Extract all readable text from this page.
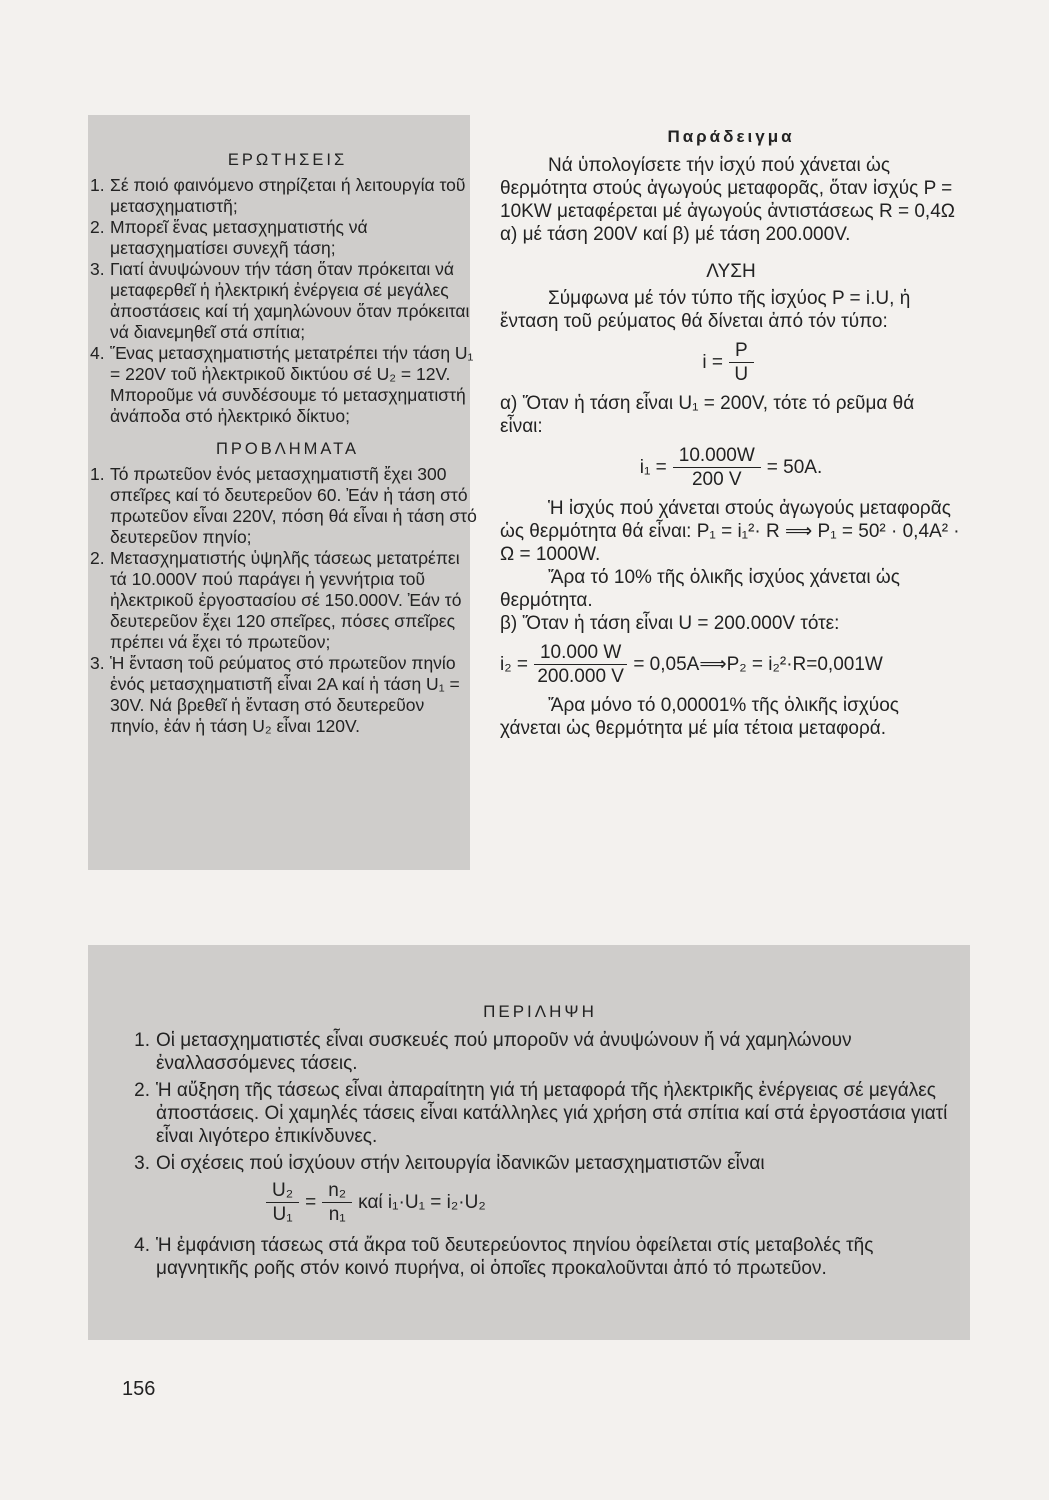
ΕΡΩΤΗΣΕΙΣ
1. Σέ ποιό φαινόμενο στηρίζεται ή λειτουργία τοῦ μετασχηματιστῆ;
2. Μπορεῖ ἕνας μετασχηματιστής νά μετασχηματίσει συνεχῆ τάση;
3. Γιατί ἀνυψώνουν τήν τάση ὅταν πρόκειται νά μεταφερθεῖ ἡ ἠλεκτρική ἐνέργεια σέ μεγάλες ἀποστάσεις καί τή χαμηλώνουν ὅταν πρόκειται νά διανεμηθεῖ στά σπίτια;
4. Ἕνας μετασχηματιστής μετατρέπει τήν τάση U₁ = 220V τοῦ ἠλεκτρικοῦ δικτύου σέ U₂ = 12V. Μποροῦμε νά συνδέσουμε τό μετασχηματιστή ἀνάποδα στό ἠλεκτρικό δίκτυο;
ΠΡΟΒΛΗΜΑΤΑ
1. Τό πρωτεῦον ἑνός μετασχηματιστῆ ἔχει 300 σπεῖρες καί τό δευτερεῦον 60. Ἐάν ἡ τάση στό πρωτεῦον εἶναι 220V, πόση θά εἶναι ἡ τάση στό δευτερεῦον πηνίο;
2. Μετασχηματιστής ὑψηλῆς τάσεως μετατρέπει τά 10.000V πού παράγει ἡ γεννήτρια τοῦ ἠλεκτρικοῦ ἐργοστασίου σέ 150.000V. Ἐάν τό δευτερεῦον ἔχει 120 σπεῖρες, πόσες σπεῖρες πρέπει νά ἔχει τό πρωτεῦον;
3. Ἡ ἔνταση τοῦ ρεύματος στό πρωτεῦον πηνίο ἑνός μετασχηματιστῆ εἶναι 2Α καί ἡ τάση U₁ = 30V. Νά βρεθεῖ ἡ ἔνταση στό δευτερεῦον πηνίο, ἐάν ἡ τάση U₂ εἶναι 120V.
Παράδειγμα

Νά ὑπολογίσετε τήν ἰσχύ πού χάνεται ὡς θερμότητα στούς ἀγωγούς μεταφορᾶς, ὅταν ἰσχύς P = 10KW μεταφέρεται μέ ἀγωγούς ἀντιστάσεως R = 0,4Ω α) μέ τάση 200V καί β) μέ τάση 200.000V.

ΛΥΣΗ

Σύμφωνα μέ τόν τύπο τῆς ἰσχύος P = i.U, ἡ ἔνταση τοῦ ρεύματος θά δίνεται ἀπό τόν τύπο:

$i = \frac{P}{U}$

α) Ὅταν ἡ τάση εἶναι U₁ = 200V, τότε τό ρεῦμα θά εἶναι:

$i_1 = \frac{10.000W}{200 V} = 50A$.

Ἡ ἰσχύς πού χάνεται στούς ἀγωγούς μεταφορᾶς ὡς θερμότητα θά εἶναι: P₁ = i₁²· R ⟹ P₁ = 50² · 0,4A² · Ω = 1000W.

Ἄρα τό 10% τῆς ὁλικῆς ἰσχύος χάνεται ὡς θερμότητα.

β) Ὅταν ἡ τάση εἶναι U = 200.000V τότε:

$i_2 = \frac{10.000 W}{200.000 V}$ = 0,05A⟹P₂ = i₂²·R=0,001W

Ἄρα μόνο τό 0,00001% τῆς ὁλικῆς ἰσχύος χάνεται ὡς θερμότητα μέ μία τέτοια μεταφορά.

ΠΕΡΙΛΗΨΗ
1. Οἱ μετασχηματιστές εἶναι συσκευές πού μποροῦν νά ἀνυψώνουν ἤ νά χαμηλώνουν ἐναλλασσόμενες τάσεις.
2. Ἡ αὔξηση τῆς τάσεως εἶναι ἀπαραίτητη γιά τή μεταφορά τῆς ἠλεκτρικῆς ἐνέργειας σέ μεγάλες ἀποστάσεις. Οἱ χαμηλές τάσεις εἶναι κατάλληλες γιά χρήση στά σπίτια καί στά ἐργοστάσια γιατί εἶναι λιγότερο ἐπικίνδυνες.
3. Οἱ σχέσεις πού ἰσχύουν στήν λειτουργία ἰδανικῶν μετασχηματιστῶν εἶναι
$\frac{\text{U₂}}{\text{U₁}} = \frac{\text{n₂}}{\text{n₁}}$ καί i₁·U₁ = i₂·U₂
4. Ἡ ἐμφάνιση τάσεως στά ἄκρα τοῦ δευτερεύοντος πηνίου ὀφείλεται στίς μεταβολές τῆς μαγνητικῆς ροῆς στόν κοινό πυρήνα, οἱ ὁποῖες προκαλοῦνται ἀπό τό πρωτεῦον.
156
